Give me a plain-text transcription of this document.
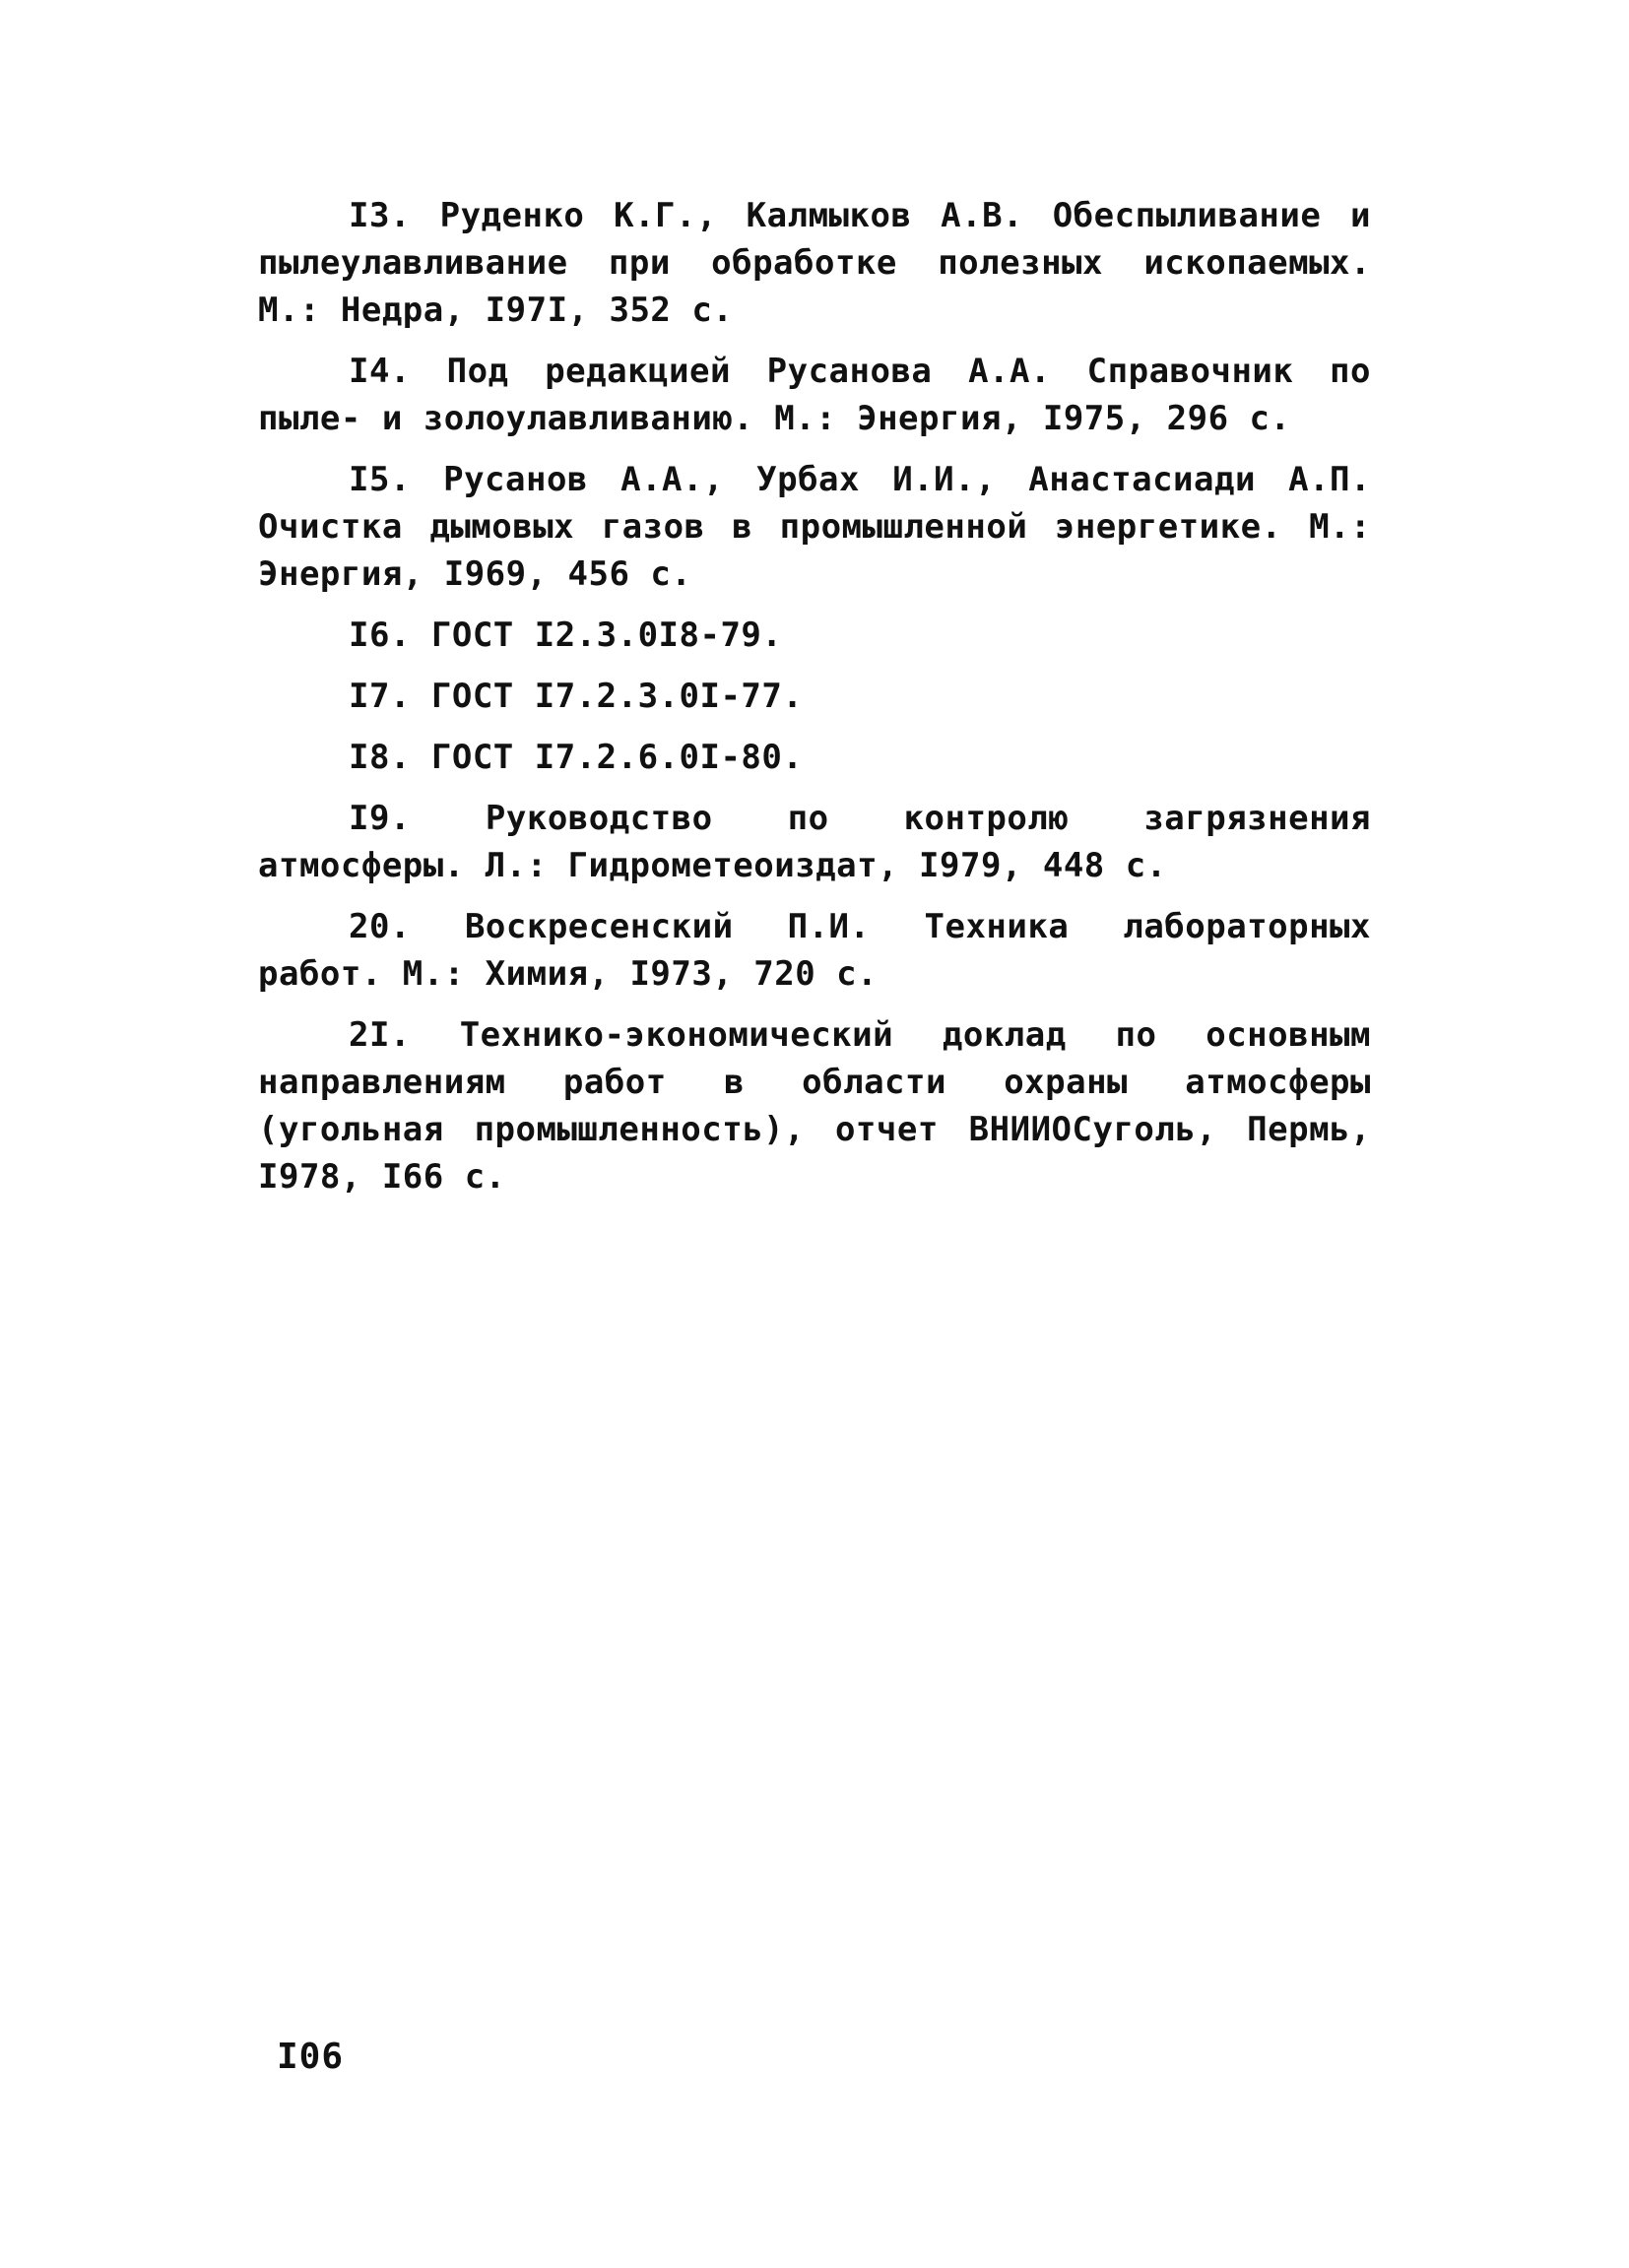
I3. Руденко К.Г., Калмыков А.В. Обеспыливание и пылеулавливание при обработке полезных ископаемых. М.: Недра, I97I, 352 с.

I4. Под редакцией Русанова А.А. Справочник по пыле- и золоулавливанию. М.: Энергия, I975, 296 с.

I5. Русанов А.А., Урбах И.И., Анастасиади А.П. Очистка дымовых газов в промышленной энергетике. М.: Энергия, I969, 456 с.

I6. ГОСТ I2.3.0I8-79.

I7. ГОСТ I7.2.3.0I-77.

I8. ГОСТ I7.2.6.0I-80.

I9. Руководство по контролю загрязнения атмосферы. Л.: Гидрометеоиздат, I979, 448 с.

20. Воскресенский П.И. Техника лабораторных работ. М.: Химия, I973, 720 с.

2I. Технико-экономический доклад по основным направлениям работ в области охраны атмосферы (угольная промышленность), отчет ВНИИОСуголь, Пермь, I978, I66 с.

I06
